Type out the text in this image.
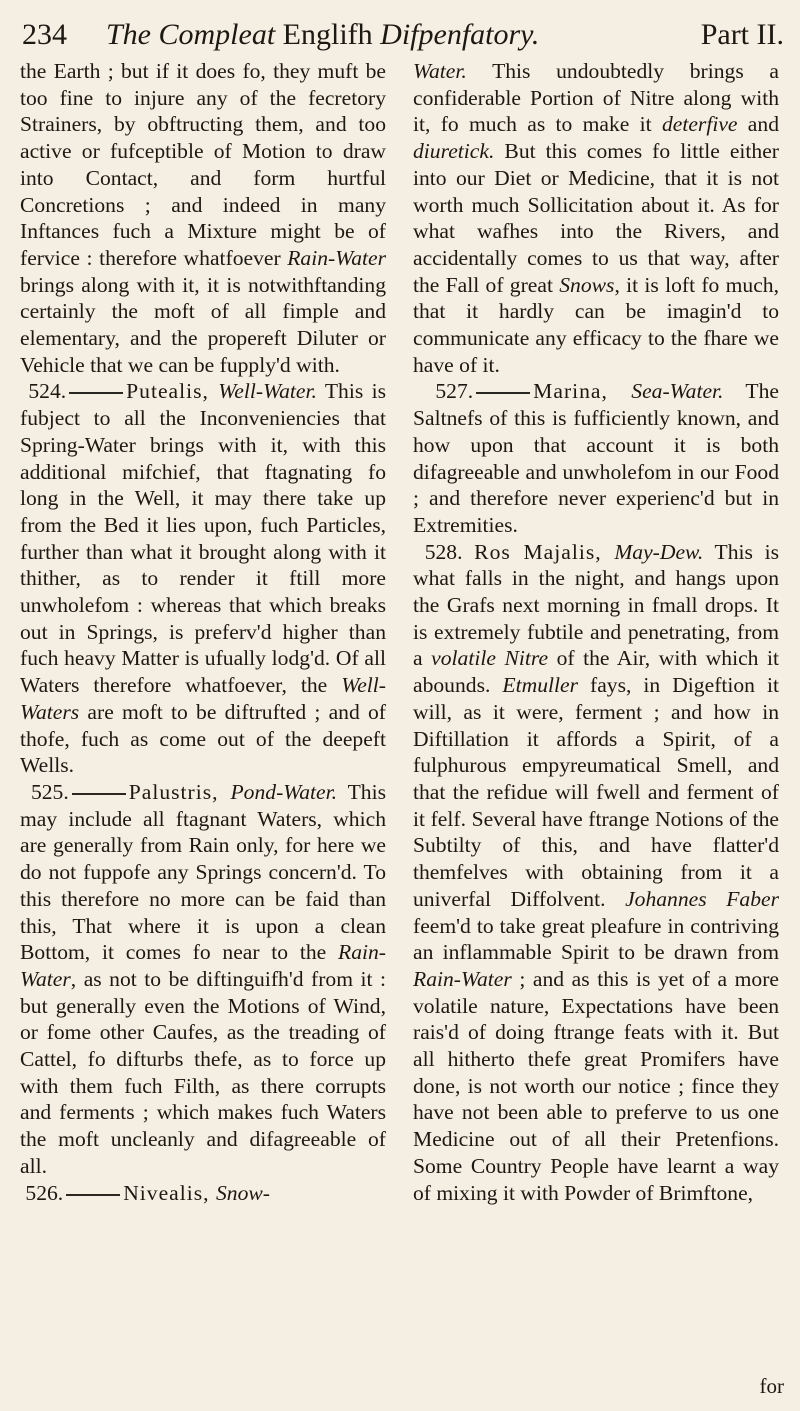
234 The Compleat Englifh Difpenfatory.	Part II.

the Earth ; but if it does fo, they muft be too fine to injure any of the fecretory Strainers, by obftructing them, and too active or fufceptible of Motion to draw into Contact, and form hurtful Concretions ; and indeed in many Inftances fuch a Mixture might be of fervice : therefore whatfoever Rain-Water brings along with it, it is notwithftanding certainly the moft of all fimple and elementary, and the propereft Diluter or Vehicle that we can be fupply'd with.

524.	Putealis, Well-Water. This is fubject to all the Inconveniencies that Spring-Water brings with it, with this additional mifchief, that ftagnating fo long in the Well, it may there take up from the Bed it lies upon, fuch Particles, further than what it brought along with it thither, as to render it ftill more unwholefom : whereas that which breaks out in Springs, is preferv'd higher than fuch heavy Matter is ufually lodg'd. Of all Waters therefore whatfoever, the Well-Waters are moft to be diftrufted ; and of thofe, fuch as come out of the deepeft Wells.

525.	Palustris, Pond-Water. This may include all ftagnant Waters, which are generally from Rain only, for here we do not fuppofe any Springs concern'd. To this therefore no more can be faid than this, That where it is upon a clean Bottom, it comes fo near to the Rain-Water, as not to be diftinguifh'd from it : but generally even the Motions of Wind, or fome other Caufes, as the treading of Cattel, fo difturbs thefe, as to force up with them fuch Filth, as there corrupts and ferments ; which makes fuch Waters the moft uncleanly and difagreeable of all.

526.	Nivealis, Snow-

Water. This undoubtedly brings a confiderable Portion of Nitre along with it, fo much as to make it deterfive and diuretick. But this comes fo little either into our Diet or Medicine, that it is not worth much Sollicitation about it. As for what wafhes into the Rivers, and accidentally comes to us that way, after the Fall of great Snows, it is loft fo much, that it hardly can be imagin'd to communicate any efficacy to the fhare we have of it.

527.	Marina, Sea-Water. The Saltnefs of this is fufficiently known, and how upon that account it is both difagreeable and unwholefom in our Food ; and therefore never experienc'd but in Extremities.

528. Ros Majalis, May-Dew. This is what falls in the night, and hangs upon the Grafs next morning in fmall drops. It is extremely fubtile and penetrating, from a volatile Nitre of the Air, with which it abounds. Etmuller fays, in Digeftion it will, as it were, ferment ; and how in Diftillation it affords a Spirit, of a fulphurous empyreumatical Smell, and that the refidue will fwell and ferment of it felf. Several have ftrange Notions of the Subtilty of this, and have flatter'd themfelves with obtaining from it a univerfal Diffolvent. Johannes Faber feem'd to take great pleafure in contriving an inflammable Spirit to be drawn from Rain-Water ; and as this is yet of a more volatile nature, Expectations have been rais'd of doing ftrange feats with it. But all hitherto thefe great Promifers have done, is not worth our notice ; fince they have not been able to preferve to us one Medicine out of all their Pretenfions. Some Country People have learnt a way of mixing it with Powder of Brimftone,

for
